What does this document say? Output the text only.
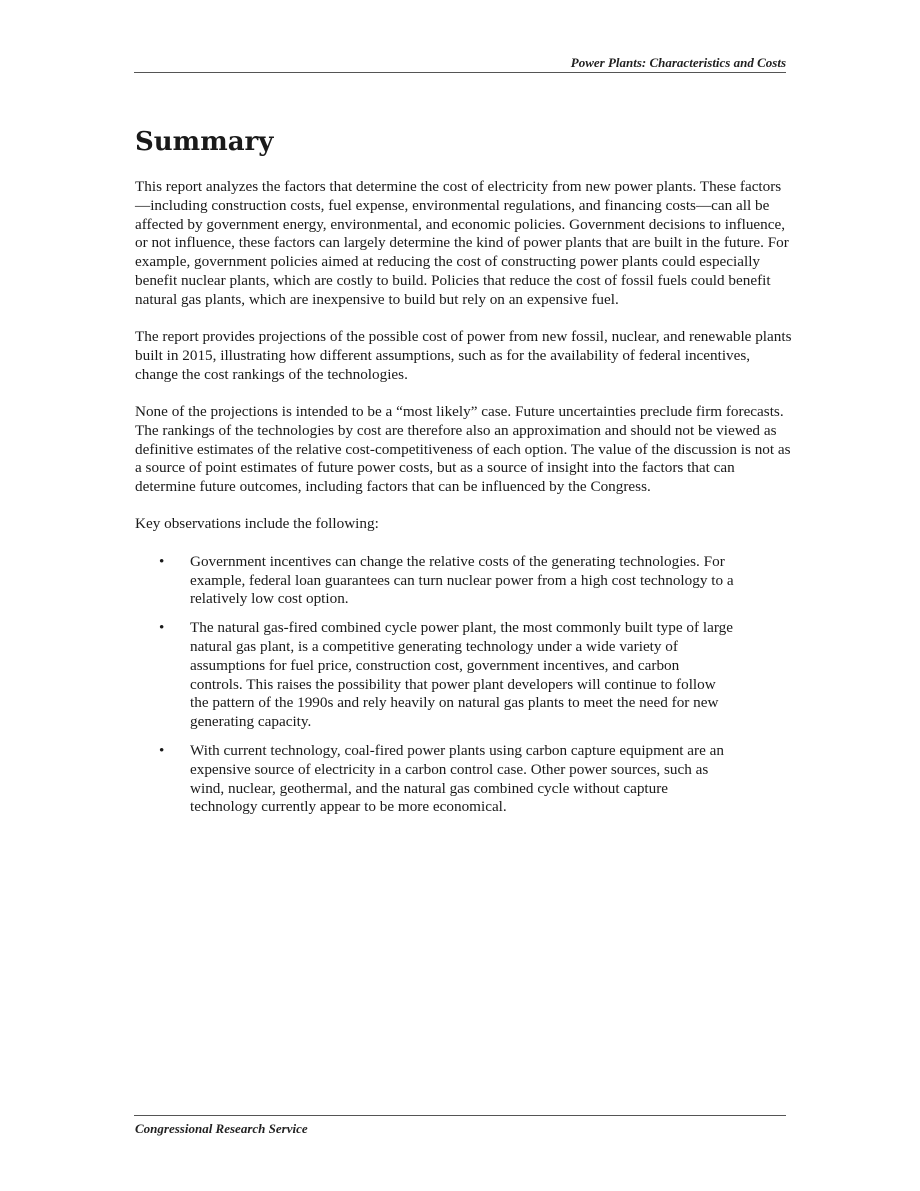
Power Plants: Characteristics and Costs
Summary

This report analyzes the factors that determine the cost of electricity from new power plants. These factors—including construction costs, fuel expense, environmental regulations, and financing costs—can all be affected by government energy, environmental, and economic policies. Government decisions to influence, or not influence, these factors can largely determine the kind of power plants that are built in the future. For example, government policies aimed at reducing the cost of constructing power plants could especially benefit nuclear plants, which are costly to build. Policies that reduce the cost of fossil fuels could benefit natural gas plants, which are inexpensive to build but rely on an expensive fuel.

The report provides projections of the possible cost of power from new fossil, nuclear, and renewable plants built in 2015, illustrating how different assumptions, such as for the availability of federal incentives, change the cost rankings of the technologies.

None of the projections is intended to be a “most likely” case. Future uncertainties preclude firm forecasts. The rankings of the technologies by cost are therefore also an approximation and should not be viewed as definitive estimates of the relative cost-competitiveness of each option. The value of the discussion is not as a source of point estimates of future power costs, but as a source of insight into the factors that can determine future outcomes, including factors that can be influenced by the Congress.

Key observations include the following:

• Government incentives can change the relative costs of the generating technologies. For example, federal loan guarantees can turn nuclear power from a high cost technology to a relatively low cost option.
• The natural gas-fired combined cycle power plant, the most commonly built type of large natural gas plant, is a competitive generating technology under a wide variety of assumptions for fuel price, construction cost, government incentives, and carbon controls. This raises the possibility that power plant developers will continue to follow the pattern of the 1990s and rely heavily on natural gas plants to meet the need for new generating capacity.
• With current technology, coal-fired power plants using carbon capture equipment are an expensive source of electricity in a carbon control case. Other power sources, such as wind, nuclear, geothermal, and the natural gas combined cycle without capture technology currently appear to be more economical.
Congressional Research Service
